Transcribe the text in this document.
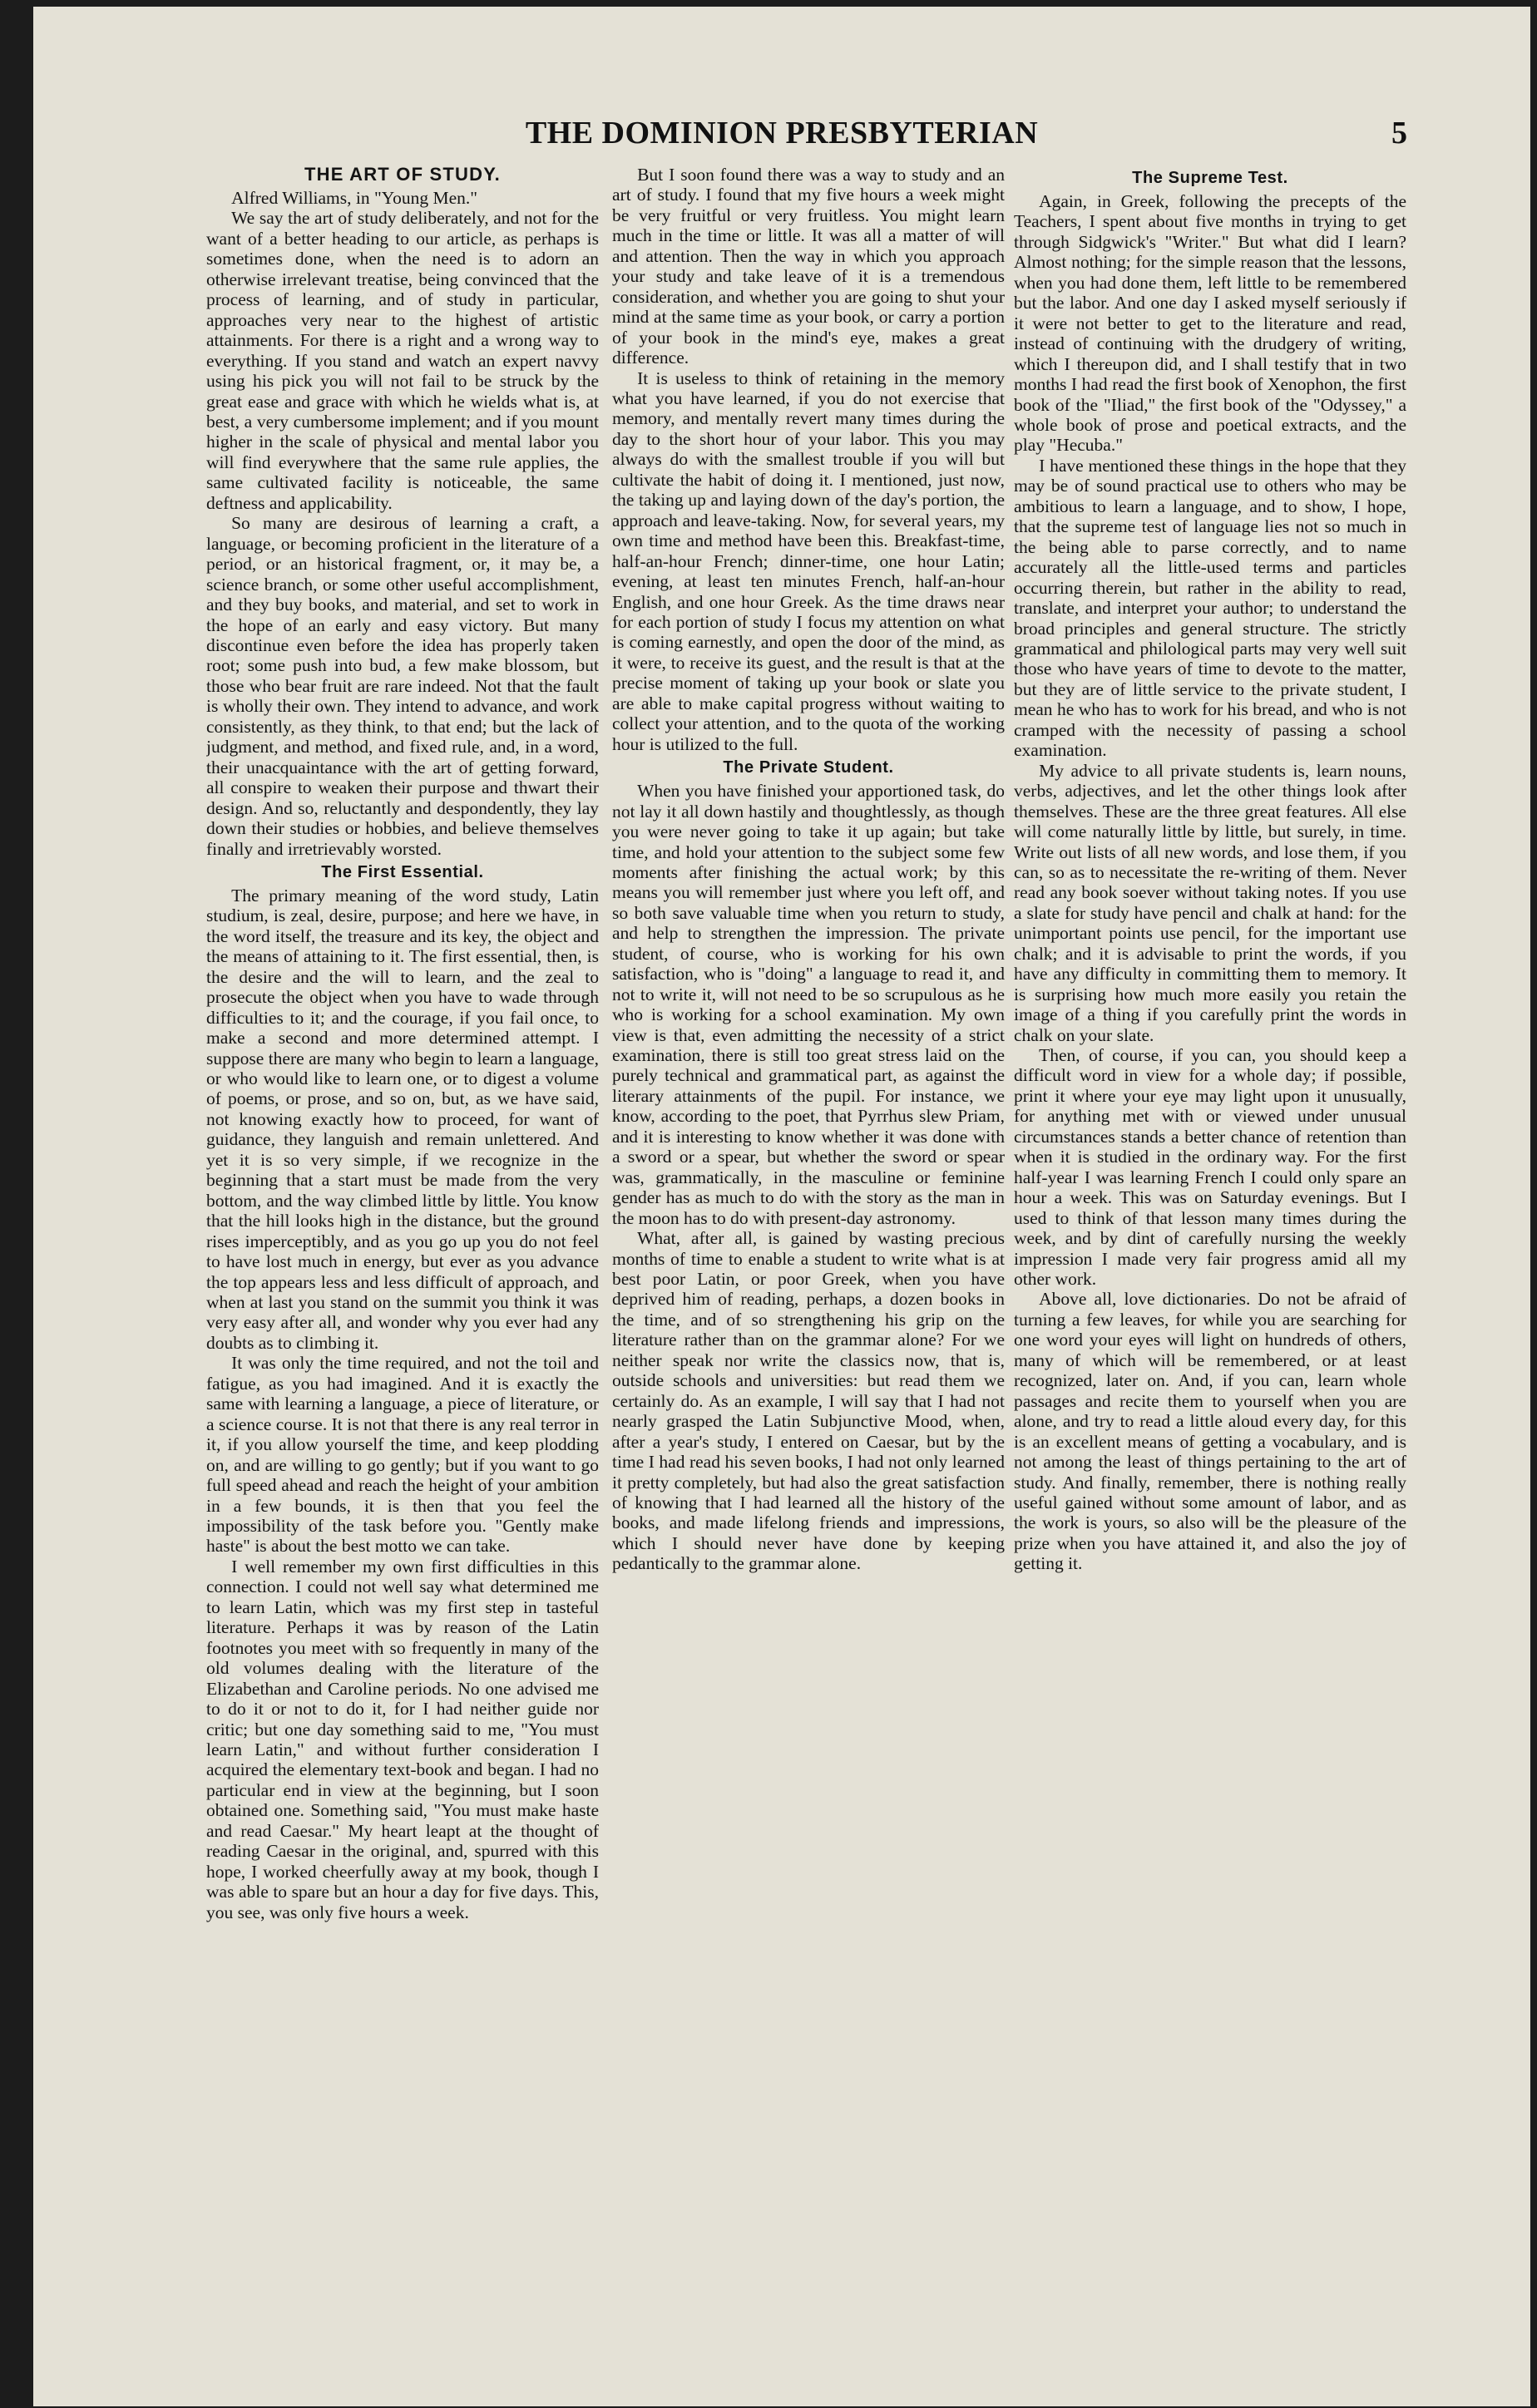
THE DOMINION PRESBYTERIAN	5
THE ART OF STUDY.

Alfred Williams, in "Young Men."

We say the art of study deliberately, and not for the want of a better heading to our article, as perhaps is sometimes done, when the need is to adorn an otherwise irrelevant treatise, being convinced that the process of learning, and of study in particular, approaches very near to the highest of artistic attainments. For there is a right and a wrong way to everything. If you stand and watch an expert navvy using his pick you will not fail to be struck by the great ease and grace with which he wields what is, at best, a very cumbersome implement; and if you mount higher in the scale of physical and mental labor you will find everywhere that the same rule applies, the same cultivated facility is noticeable, the same deftness and applicability.

So many are desirous of learning a craft, a language, or becoming proficient in the literature of a period, or an historical fragment, or, it may be, a science branch, or some other useful accomplishment, and they buy books, and material, and set to work in the hope of an early and easy victory. But many discontinue even before the idea has properly taken root; some push into bud, a few make blossom, but those who bear fruit are rare indeed. Not that the fault is wholly their own. They intend to advance, and work consistently, as they think, to that end; but the lack of judgment, and method, and fixed rule, and, in a word, their unacquaintance with the art of getting forward, all conspire to weaken their purpose and thwart their design. And so, reluctantly and despondently, they lay down their studies or hobbies, and believe themselves finally and irretrievably worsted.

The First Essential.

The primary meaning of the word study, Latin studium, is zeal, desire, purpose; and here we have, in the word itself, the treasure and its key, the object and the means of attaining to it. The first essential, then, is the desire and the will to learn, and the zeal to prosecute the object when you have to wade through difficulties to it; and the courage, if you fail once, to make a second and more determined attempt. I suppose there are many who begin to learn a language, or who would like to learn one, or to digest a volume of poems, or prose, and so on, but, as we have said, not knowing exactly how to proceed, for want of guidance, they languish and remain unlettered. And yet it is so very simple, if we recognize in the beginning that a start must be made from the very bottom, and the way climbed little by little. You know that the hill looks high in the distance, but the ground rises imperceptibly, and as you go up you do not feel to have lost much in energy, but ever as you advance the top appears less and less difficult of approach, and when at last you stand on the summit you think it was very easy after all, and wonder why you ever had any doubts as to climbing it.

It was only the time required, and not the toil and fatigue, as you had imagined. And it is exactly the same with learning a language, a piece of literature, or a science course. It is not that there is any real terror in it, if you allow yourself the time, and keep plodding on, and are willing to go gently; but if you want to go full speed ahead and reach the height of your ambition in a few bounds, it is then that you feel the impossibility of the task before you. "Gently make haste" is about the best motto we can take.

I well remember my own first difficulties in this connection. I could not well say what determined me to learn Latin, which was my first step in tasteful literature. Perhaps it was by reason of the Latin footnotes you meet with so frequently in many of the old volumes dealing with the literature of the Elizabethan and Caroline periods. No one advised me to do it or not to do it, for I had neither guide nor critic; but one day something said to me, "You must learn Latin," and without further consideration I acquired the elementary text-book and began. I had no particular end in view at the beginning, but I soon obtained one. Something said, "You must make haste and read Caesar." My heart leapt at the thought of reading Caesar in the original, and, spurred with this hope, I worked cheerfully away at my book, though I was able to spare but an hour a day for five days. This, you see, was only five hours a week.

But I soon found there was a way to study and an art of study. I found that my five hours a week might be very fruitful or very fruitless. You might learn much in the time or little. It was all a matter of will and attention. Then the way in which you approach your study and take leave of it is a tremendous consideration, and whether you are going to shut your mind at the same time as your book, or carry a portion of your book in the mind's eye, makes a great difference.

It is useless to think of retaining in the memory what you have learned, if you do not exercise that memory, and mentally revert many times during the day to the short hour of your labor. This you may always do with the smallest trouble if you will but cultivate the habit of doing it. I mentioned, just now, the taking up and laying down of the day's portion, the approach and leave-taking. Now, for several years, my own time and method have been this. Breakfast-time, half-an-hour French; dinner-time, one hour Latin; evening, at least ten minutes French, half-an-hour English, and one hour Greek. As the time draws near for each portion of study I focus my attention on what is coming earnestly, and open the door of the mind, as it were, to receive its guest, and the result is that at the precise moment of taking up your book or slate you are able to make capital progress without waiting to collect your attention, and to the quota of the working hour is utilized to the full.

The Private Student.

When you have finished your apportioned task, do not lay it all down hastily and thoughtlessly, as though you were never going to take it up again; but take time, and hold your attention to the subject some few moments after finishing the actual work; by this means you will remember just where you left off, and so both save valuable time when you return to study, and help to strengthen the impression. The private student, of course, who is working for his own satisfaction, who is "doing" a language to read it, and not to write it, will not need to be so scrupulous as he who is working for a school examination. My own view is that, even admitting the necessity of a strict examination, there is still too great stress laid on the purely technical and grammatical part, as against the literary attainments of the pupil. For instance, we know, according to the poet, that Pyrrhus slew Priam, and it is interesting to know whether it was done with a sword or a spear, but whether the sword or spear was, grammatically, in the masculine or feminine gender has as much to do with the story as the man in the moon has to do with present-day astronomy.

What, after all, is gained by wasting precious months of time to enable a student to write what is at best poor Latin, or poor Greek, when you have deprived him of reading, perhaps, a dozen books in the time, and of so strengthening his grip on the literature rather than on the grammar alone? For we neither speak nor write the classics now, that is, outside schools and universities: but read them we certainly do. As an example, I will say that I had not nearly grasped the Latin Subjunctive Mood, when, after a year's study, I entered on Caesar, but by the time I had read his seven books, I had not only learned it pretty completely, but had also the great satisfaction of knowing that I had learned all the history of the books, and made lifelong friends and impressions, which I should never have done by keeping pedantically to the grammar alone.

The Supreme Test.

Again, in Greek, following the precepts of the Teachers, I spent about five months in trying to get through Sidgwick's "Writer." But what did I learn? Almost nothing; for the simple reason that the lessons, when you had done them, left little to be remembered but the labor. And one day I asked myself seriously if it were not better to get to the literature and read, instead of continuing with the drudgery of writing, which I thereupon did, and I shall testify that in two months I had read the first book of Xenophon, the first book of the "Iliad," the first book of the "Odyssey," a whole book of prose and poetical extracts, and the play "Hecuba."

I have mentioned these things in the hope that they may be of sound practical use to others who may be ambitious to learn a language, and to show, I hope, that the supreme test of language lies not so much in the being able to parse correctly, and to name accurately all the little-used terms and particles occurring therein, but rather in the ability to read, translate, and interpret your author; to understand the broad principles and general structure. The strictly grammatical and philological parts may very well suit those who have years of time to devote to the matter, but they are of little service to the private student, I mean he who has to work for his bread, and who is not cramped with the necessity of passing a school examination.

My advice to all private students is, learn nouns, verbs, adjectives, and let the other things look after themselves. These are the three great features. All else will come naturally little by little, but surely, in time. Write out lists of all new words, and lose them, if you can, so as to necessitate the re-writing of them. Never read any book soever without taking notes. If you use a slate for study have pencil and chalk at hand: for the unimportant points use pencil, for the important use chalk; and it is advisable to print the words, if you have any difficulty in committing them to memory. It is surprising how much more easily you retain the image of a thing if you carefully print the words in chalk on your slate.

Then, of course, if you can, you should keep a difficult word in view for a whole day; if possible, print it where your eye may light upon it unusually, for anything met with or viewed under unusual circumstances stands a better chance of retention than when it is studied in the ordinary way. For the first half-year I was learning French I could only spare an hour a week. This was on Saturday evenings. But I used to think of that lesson many times during the week, and by dint of carefully nursing the weekly impression I made very fair progress amid all my other work.

Above all, love dictionaries. Do not be afraid of turning a few leaves, for while you are searching for one word your eyes will light on hundreds of others, many of which will be remembered, or at least recognized, later on. And, if you can, learn whole passages and recite them to yourself when you are alone, and try to read a little aloud every day, for this is an excellent means of getting a vocabulary, and is not among the least of things pertaining to the art of study. And finally, remember, there is nothing really useful gained without some amount of labor, and as the work is yours, so also will be the pleasure of the prize when you have attained it, and also the joy of getting it.
